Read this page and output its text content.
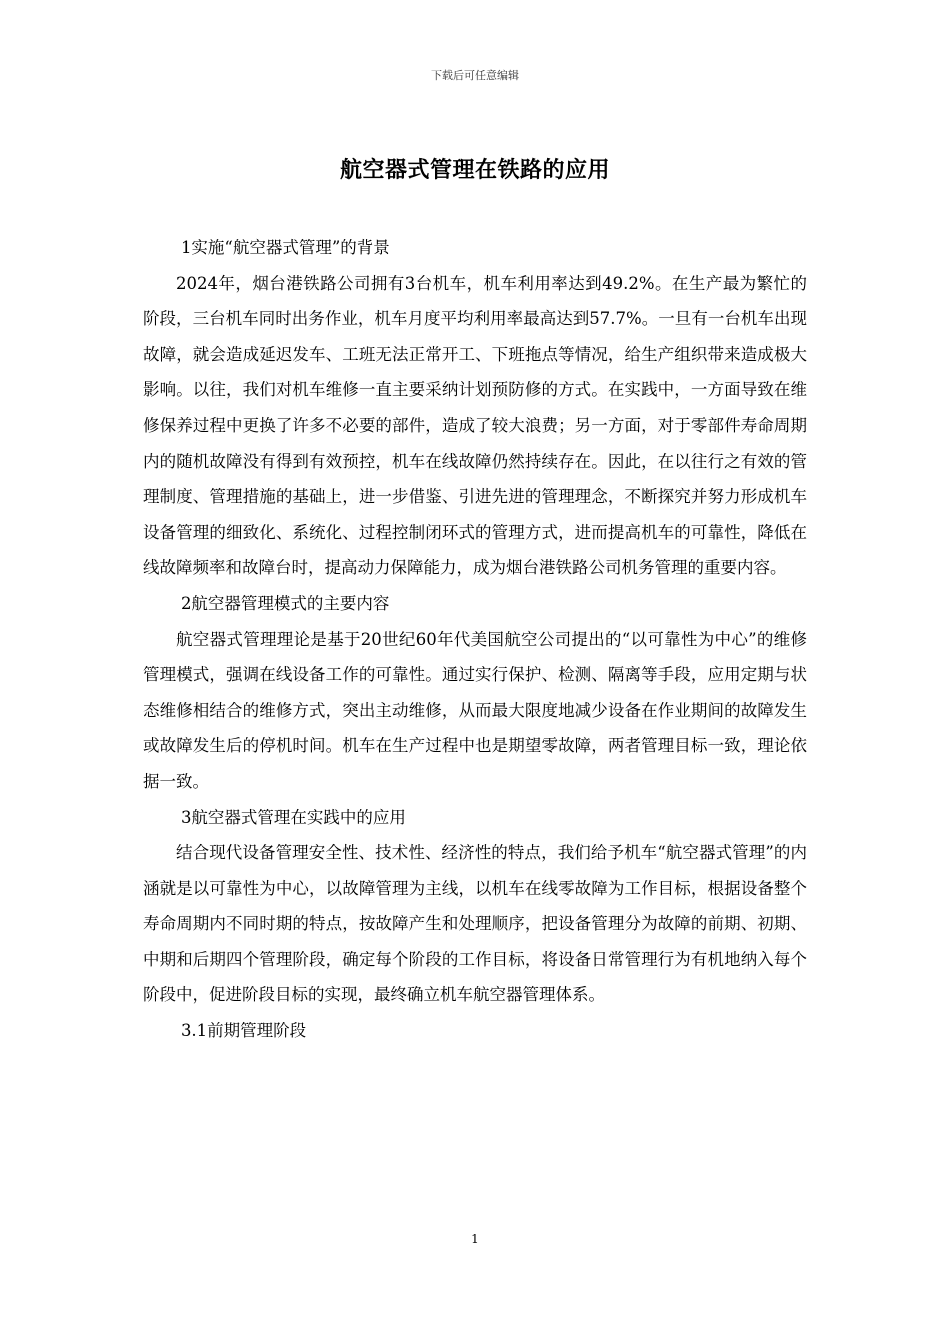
下载后可任意编辑
航空器式管理在铁路的应用

1实施“航空器式管理”的背景

2024年，烟台港铁路公司拥有3台机车，机车利用率达到49.2%。在生产最为繁忙的阶段，三台机车同时出务作业，机车月度平均利用率最高达到57.7%。一旦有一台机车出现故障，就会造成延迟发车、工班无法正常开工、下班拖点等情况，给生产组织带来造成极大影响。以往，我们对机车维修一直主要采纳计划预防修的方式。在实践中，一方面导致在维修保养过程中更换了许多不必要的部件，造成了较大浪费；另一方面，对于零部件寿命周期内的随机故障没有得到有效预控，机车在线故障仍然持续存在。因此，在以往行之有效的管理制度、管理措施的基础上，进一步借鉴、引进先进的管理理念，不断探究并努力形成机车设备管理的细致化、系统化、过程控制闭环式的管理方式，进而提高机车的可靠性，降低在线故障频率和故障台时，提高动力保障能力，成为烟台港铁路公司机务管理的重要内容。

2航空器管理模式的主要内容

航空器式管理理论是基于20世纪60年代美国航空公司提出的“以可靠性为中心”的维修管理模式，强调在线设备工作的可靠性。通过实行保护、检测、隔离等手段，应用定期与状态维修相结合的维修方式，突出主动维修，从而最大限度地减少设备在作业期间的故障发生或故障发生后的停机时间。机车在生产过程中也是期望零故障，两者管理目标一致，理论依据一致。

3航空器式管理在实践中的应用

结合现代设备管理安全性、技术性、经济性的特点，我们给予机车“航空器式管理”的内涵就是以可靠性为中心，以故障管理为主线，以机车在线零故障为工作目标，根据设备整个寿命周期内不同时期的特点，按故障产生和处理顺序，把设备管理分为故障的前期、初期、中期和后期四个管理阶段，确定每个阶段的工作目标，将设备日常管理行为有机地纳入每个阶段中，促进阶段目标的实现，最终确立机车航空器管理体系。

3.1前期管理阶段

1
